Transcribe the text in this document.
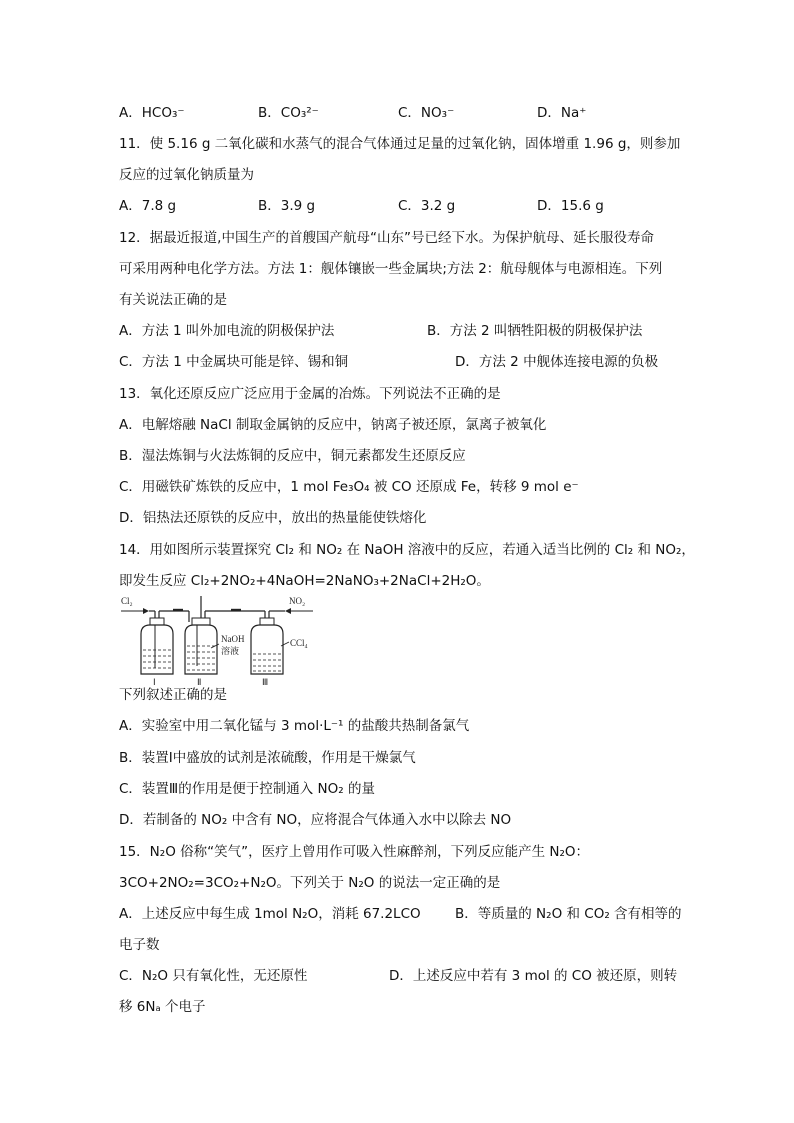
A．HCO₃⁻	B．CO₃²⁻	C．NO₃⁻	D．Na⁺
11．使 5.16 g 二氧化碳和水蒸气的混合气体通过足量的过氧化钠，固体增重 1.96 g，则参加
反应的过氧化钠质量为
A．7.8 g	B．3.9 g	C．3.2 g	D．15.6 g
12．据最近报道,中国生产的首艘国产航母“山东”号已经下水。为保护航母、延长服役寿命
可采用两种电化学方法。方法 1：舰体镶嵌一些金属块;方法 2：航母舰体与电源相连。下列
有关说法正确的是
A．方法 1 叫外加电流的阴极保护法	B．方法 2 叫牺牲阳极的阴极保护法
C．方法 1 中金属块可能是锌、锡和铜	D．方法 2 中舰体连接电源的负极
13．氧化还原反应广泛应用于金属的冶炼。下列说法不正确的是
A．电解熔融 NaCl 制取金属钠的反应中，钠离子被还原，氯离子被氧化
B．湿法炼铜与火法炼铜的反应中，铜元素都发生还原反应
C．用磁铁矿炼铁的反应中，1 mol Fe₃O₄ 被 CO 还原成 Fe，转移 9 mol e⁻
D．铝热法还原铁的反应中，放出的热量能使铁熔化
14．用如图所示装置探究 Cl₂ 和 NO₂ 在 NaOH 溶液中的反应，若通入适当比例的 Cl₂ 和 NO₂，
即发生反应 Cl₂+2NO₂+4NaOH=2NaNO₃+2NaCl+2H₂O。
Cl₂	NO₂
NaOH
溶液
CCl₄
Ⅰ	Ⅱ	Ⅲ
下列叙述正确的是
A．实验室中用二氧化锰与 3 mol·L⁻¹ 的盐酸共热制备氯气
B．装置Ⅰ中盛放的试剂是浓硫酸，作用是干燥氯气
C．装置Ⅲ的作用是便于控制通入 NO₂ 的量
D．若制备的 NO₂ 中含有 NO，应将混合气体通入水中以除去 NO
15．N₂O 俗称“笑气”，医疗上曾用作可吸入性麻醉剂，下列反应能产生 N₂O：
3CO+2NO₂=3CO₂+N₂O。下列关于 N₂O 的说法一定正确的是
A．上述反应中每生成 1mol N₂O，消耗 67.2LCO	B．等质量的 N₂O 和 CO₂ 含有相等的
电子数
C．N₂O 只有氧化性，无还原性	D．上述反应中若有 3 mol 的 CO 被还原，则转
移 6Nₐ 个电子
